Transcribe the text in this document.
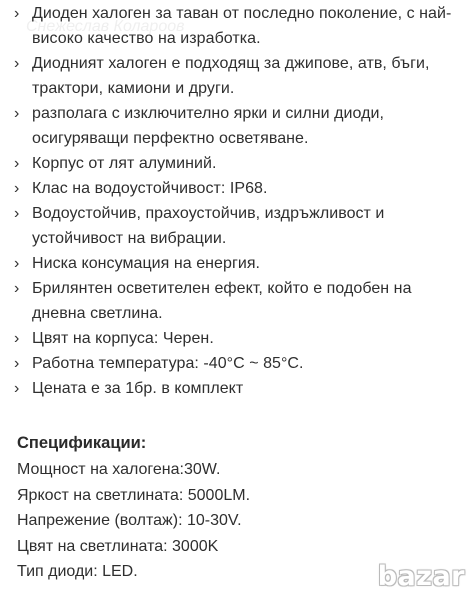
Снежеслав Колароов
› Диоден халоген за таван от последно поколение, с най-високо качество на изработка.
› Диодният халоген е подходящ за джипове, атв, бъги, трактори, камиони и други.
› разполага с изключително ярки и силни диоди, осигуряващи перфектно осветяване.
› Корпус от лят алуминий.
› Клас на водоустойчивост: IP68.
› Водоустойчив, прахоустойчив, издръжливост и устойчивост на вибрации.
› Ниска консумация на енергия.
› Брилянтен осветителен ефект, който е подобен на дневна светлина.
› Цвят на корпуса: Черен.
› Работна температура: -40°C ~ 85°C.
› Цената е за 1бр. в комплект
Спецификации:
Мощност на халогена:30W.
Яркост на светлината: 5000LM.
Напрежение (волтаж): 10-30V.
Цвят на светлината: 3000K
Тип диоди: LED.	bazar
